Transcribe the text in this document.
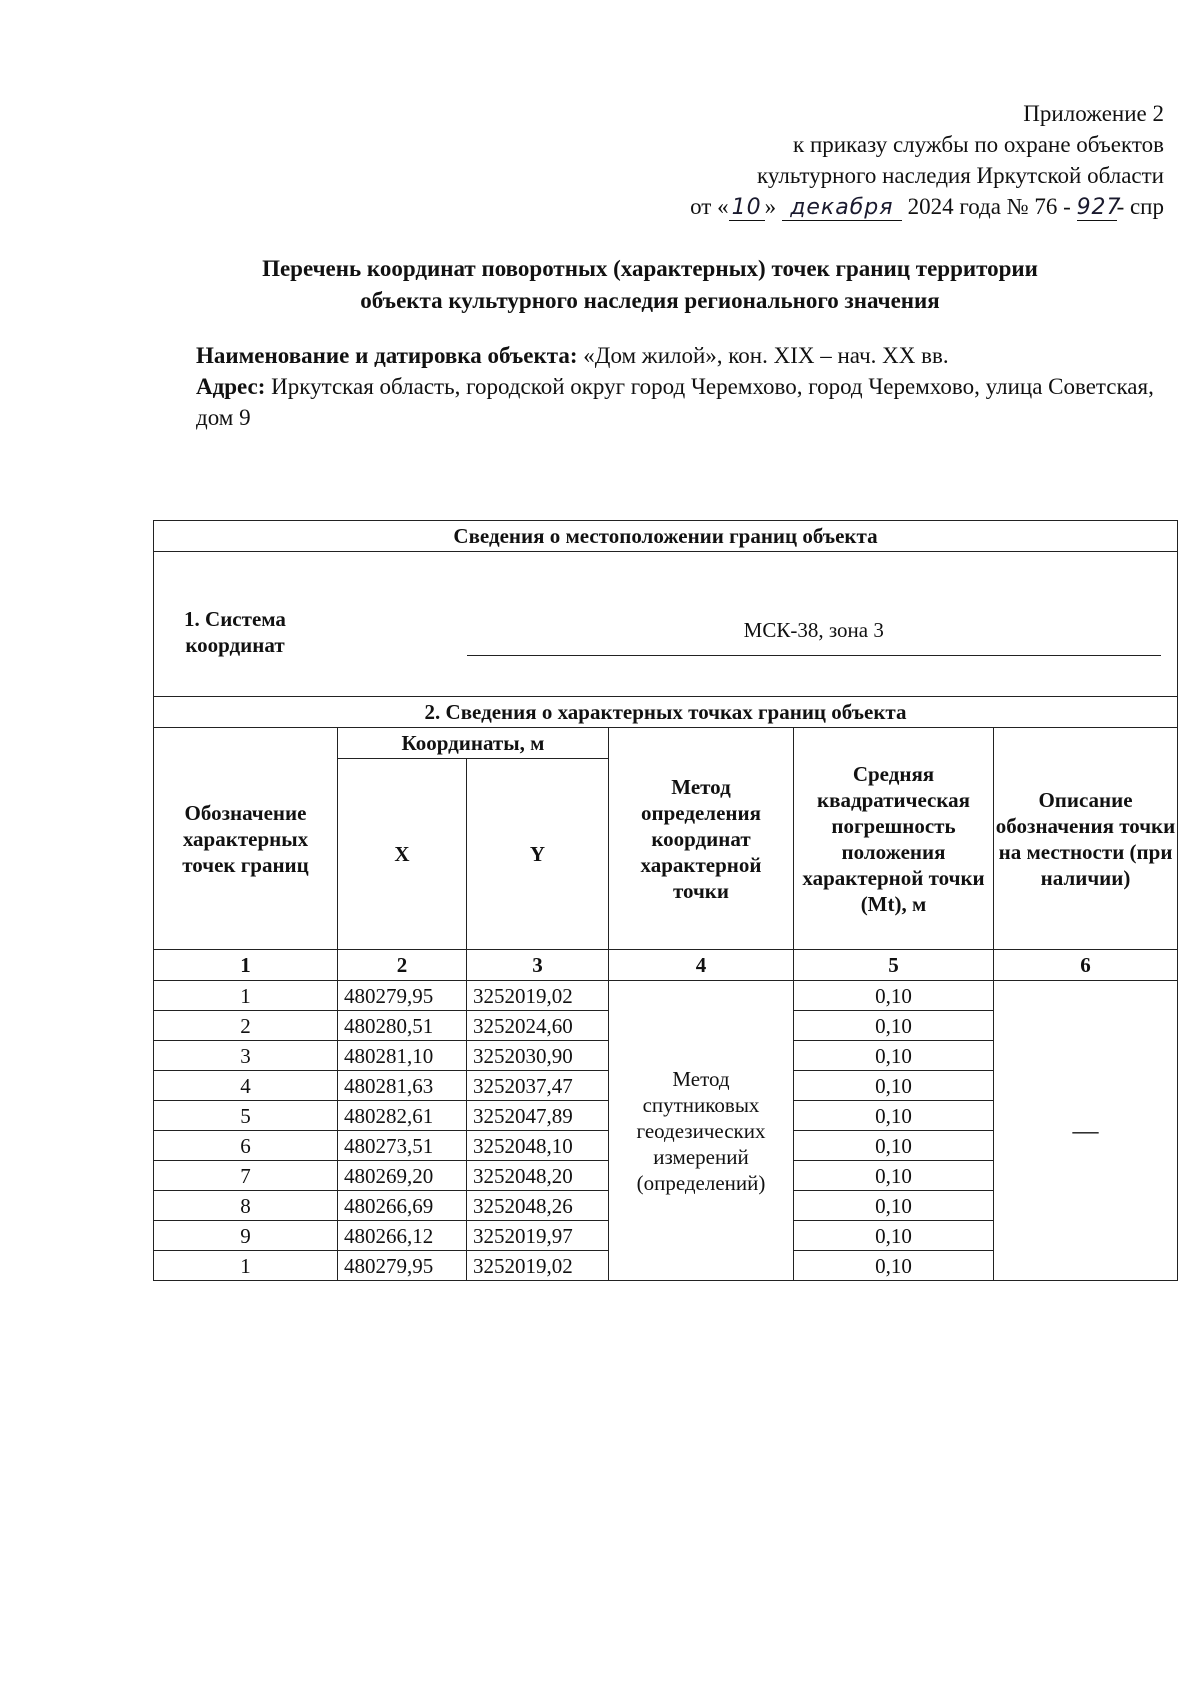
Приложение 2
к приказу службы по охране объектов
культурного наследия Иркутской области
от « 10 » декабря 2024 года № 76 - 927- спр
Перечень координат поворотных (характерных) точек границ территории
объекта культурного наследия регионального значения
Наименование и датировка объекта: «Дом жилой», кон. XIX – нач. XX вв.
Адрес: Иркутская область, городской округ город Черемхово, город Черемхово, улица Советская, дом 9
Сведения о местоположении границ объекта					

1. Система координат		МСК-38, зона 3			

2. Сведения о характерных точках границ объекта					
Обозначение характерных точек границ	Координаты, м		Метод определения координат характерной точки	Средняя квадратическая погрешность положения характерной точки (Mt), м	Описание обозначения точки на местности (при наличии)
	X	Y			
1	2	3	4	5	6
1	480279,95	3252019,02	Метод спутниковых геодезических измерений (определений)	0,10	—
2	480280,51	3252024,60		0,10	
3	480281,10	3252030,90		0,10	
4	480281,63	3252037,47		0,10	
5	480282,61	3252047,89		0,10	
6	480273,51	3252048,10		0,10	
7	480269,20	3252048,20		0,10	
8	480266,69	3252048,26		0,10	
9	480266,12	3252019,97		0,10	
1	480279,95	3252019,02		0,10	
